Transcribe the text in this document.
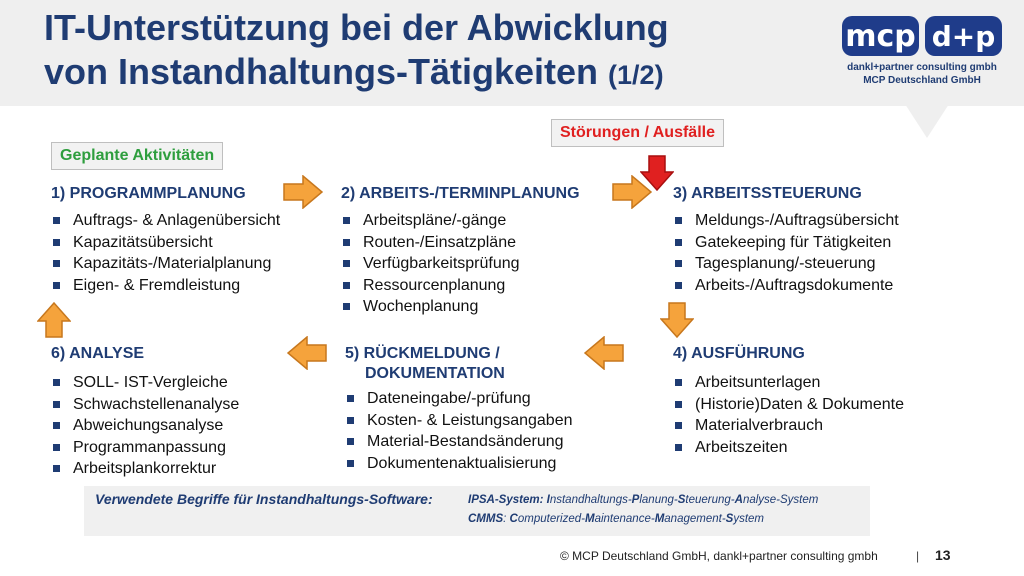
IT-Unterstützung bei der Abwicklung
von Instandhaltungs-Tätigkeiten (1/2)
mcp d+p
dankl+partner consulting gmbh
MCP Deutschland GmbH
Geplante Aktivitäten
Störungen / Ausfälle
1) PROGRAMMPLANUNG
Auftrags- & Anlagenübersicht
Kapazitätsübersicht
Kapazitäts-/Materialplanung
Eigen- & Fremdleistung
2) ARBEITS-/TERMINPLANUNG
Arbeitspläne/-gänge
Routen-/Einsatzpläne
Verfügbarkeitsprüfung
Ressourcenplanung
Wochenplanung
3) ARBEITSSTEUERUNG
Meldungs-/Auftragsübersicht
Gatekeeping für Tätigkeiten
Tagesplanung/-steuerung
Arbeits-/Auftragsdokumente
4) AUSFÜHRUNG
Arbeitsunterlagen
(Historie)Daten & Dokumente
Materialverbrauch
Arbeitszeiten
5) RÜCKMELDUNG /
DOKUMENTATION
Dateneingabe/-prüfung
Kosten- & Leistungsangaben
Material-Bestandsänderung
Dokumentenaktualisierung
6) ANALYSE
SOLL- IST-Vergleiche
Schwachstellenanalyse
Abweichungsanalyse
Programmanpassung
Arbeitsplankorrektur
Verwendete Begriffe für Instandhaltungs-Software:	IPSA-System: Instandhaltungs-Planung-Steuerung-Analyse-System
CMMS: Computerized-Maintenance-Management-System
© MCP Deutschland GmbH, dankl+partner consulting gmbh	| 13
